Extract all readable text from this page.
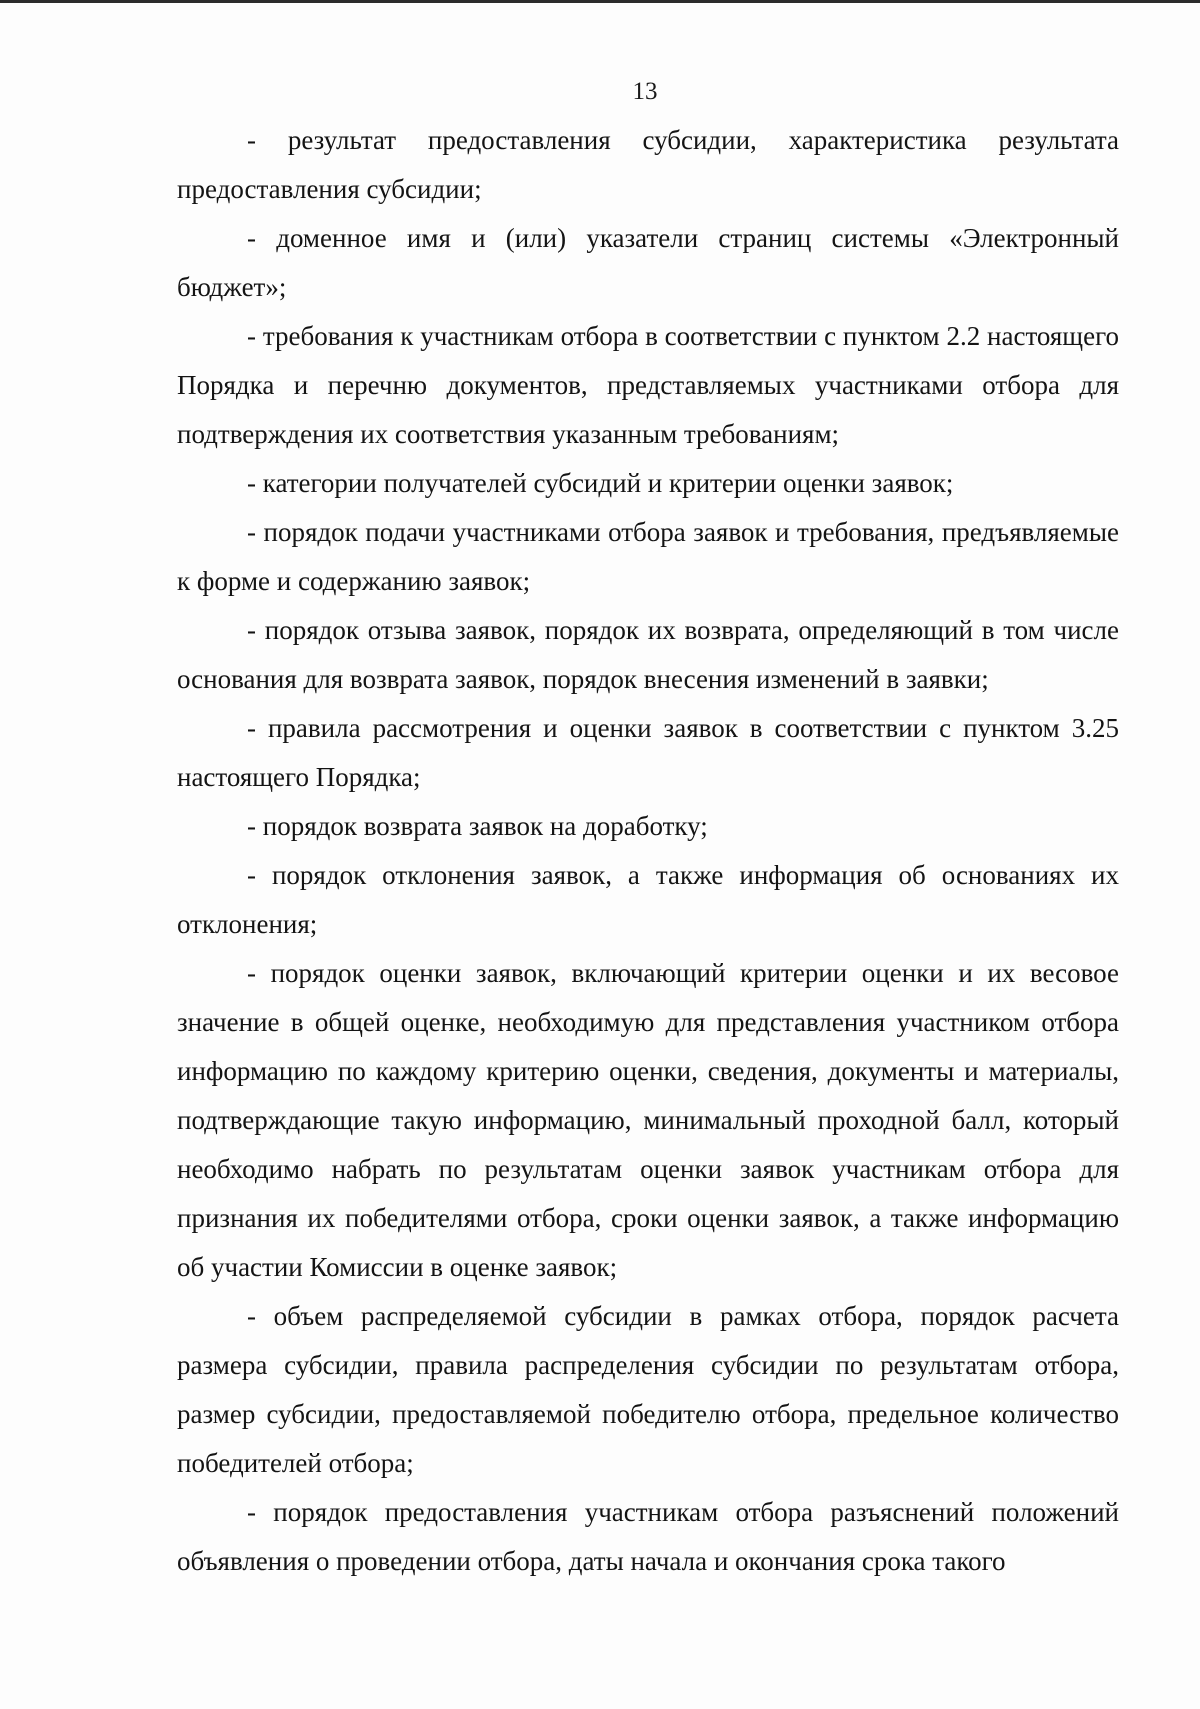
13

- результат предоставления субсидии, характеристика результата предоставления субсидии;

- доменное имя и (или) указатели страниц системы «Электронный бюджет»;

- требования к участникам отбора в соответствии с пунктом 2.2 настоящего Порядка и перечню документов, представляемых участниками отбора для подтверждения их соответствия указанным требованиям;

- категории получателей субсидий и критерии оценки заявок;

- порядок подачи участниками отбора заявок и требования, предъявляемые к форме и содержанию заявок;

- порядок отзыва заявок, порядок их возврата, определяющий в том числе основания для возврата заявок, порядок внесения изменений в заявки;

- правила рассмотрения и оценки заявок в соответствии с пунктом 3.25 настоящего Порядка;

- порядок возврата заявок на доработку;

- порядок отклонения заявок, а также информация об основаниях их отклонения;

- порядок оценки заявок, включающий критерии оценки и их весовое значение в общей оценке, необходимую для представления участником отбора информацию по каждому критерию оценки, сведения, документы и материалы, подтверждающие такую информацию, минимальный проходной балл, который необходимо набрать по результатам оценки заявок участникам отбора для признания их победителями отбора, сроки оценки заявок, а также информацию об участии Комиссии в оценке заявок;

- объем распределяемой субсидии в рамках отбора, порядок расчета размера субсидии, правила распределения субсидии по результатам отбора, размер субсидии, предоставляемой победителю отбора, предельное количество победителей отбора;

- порядок предоставления участникам отбора разъяснений положений объявления о проведении отбора, даты начала и окончания срока такого
